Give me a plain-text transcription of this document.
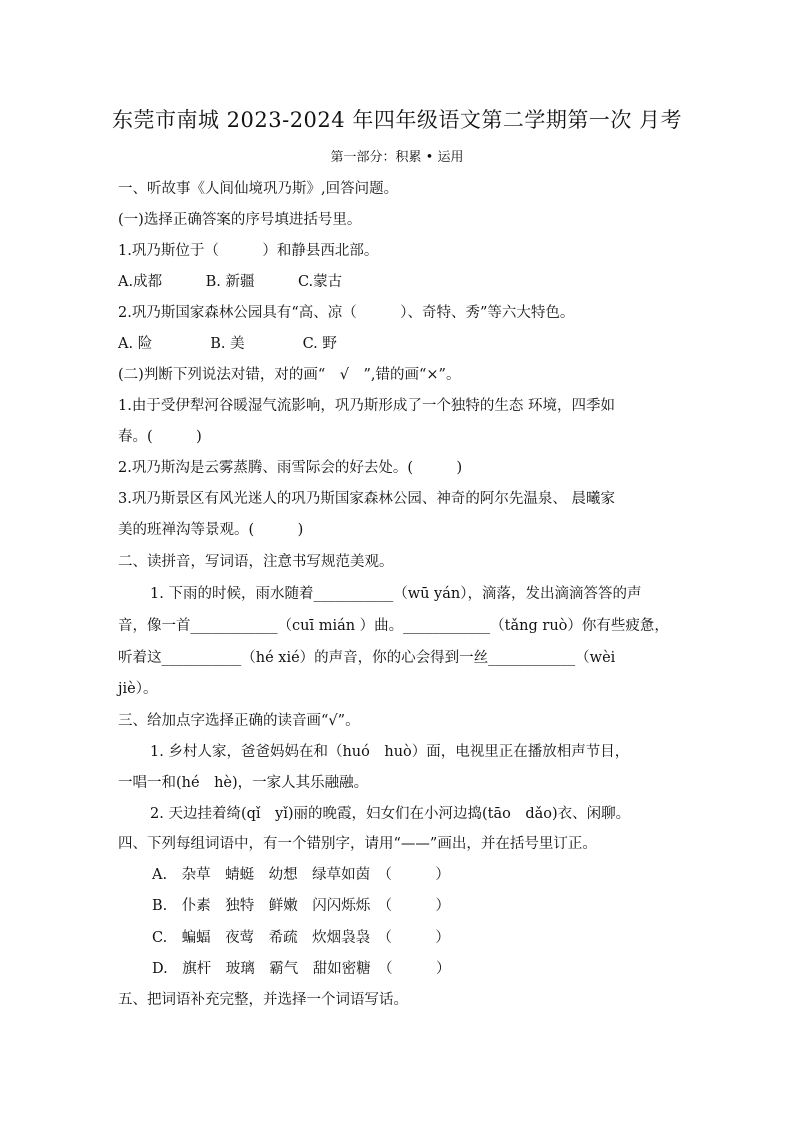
东莞市南城 2023-2024 年四年级语文第二学期第一次 月考
第一部分：积累 • 运用
一、听故事《人间仙境巩乃斯》,回答问题。
(一)选择正确答案的序号填进括号里。
1.巩乃斯位于（　　　）和静县西北部。
A.成都　　　B. 新疆　　　C.蒙古
2.巩乃斯国家森林公园具有“高、凉（　　　）、奇特、秀”等六大特色。
A. 险　　　　B. 美　　　　C. 野
(二)判断下列说法对错，对的画“　√　”,错的画“×”。
1.由于受伊犁河谷暖湿气流影响，巩乃斯形成了一个独特的生态 环境，四季如
春。(　　　)
2.巩乃斯沟是云雾蒸腾、雨雪际会的好去处。(　　　)
3.巩乃斯景区有风光迷人的巩乃斯国家森林公园、神奇的阿尔先温泉、 晨曦家
美的班禅沟等景观。(　　　)
二、读拼音，写词语，注意书写规范美观。
1. 下雨的时候，雨水随着___________（wū yán），滴落，发出滴滴答答的声
音，像一首____________（cuī mián ）曲。____________（tǎng ruò）你有些疲惫，
听着这___________（hé xié）的声音，你的心会得到一丝____________（wèi
jiè）。
三、给加点字选择正确的读音画“√”。
1. 乡村人家，爸爸妈妈在和（huó　huò）面，电视里正在播放相声节目，
一唱一和(hé　hè)，一家人其乐融融。
2. 天边挂着绮(qǐ　yǐ)丽的晚霞，妇女们在小河边捣(tāo　dǎo)衣、闲聊。
四、下列每组词语中，有一个错别字，请用“——”画出，并在括号里订正。
A.　杂草　蜻蜓　幼想　绿草如茵　（　　　）
B.　仆素　独特　鲜嫩　闪闪烁烁　（　　　）
C.　蝙蝠　夜莺　希疏　炊烟袅袅　（　　　）
D.　旗杆　玻璃　霸气　甜如密糖　（　　　）
五、把词语补充完整，并选择一个词语写话。
